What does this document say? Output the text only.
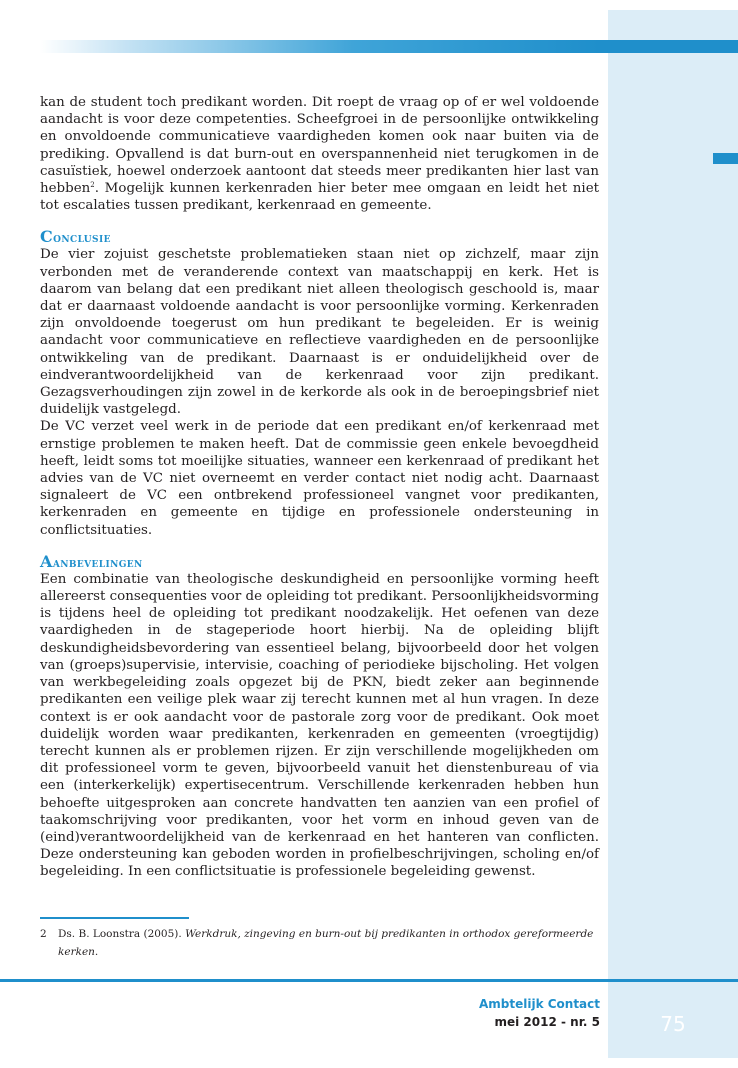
kan de student toch predikant worden. Dit roept de vraag op of er wel voldoende aandacht is voor deze competenties. Scheefgroei in de persoonlijke ontwikkeling en onvoldoende communicatieve vaardigheden komen ook naar buiten via de prediking. Opvallend is dat burn-out en overspannenheid niet terugkomen in de casuïstiek, hoewel onderzoek aantoont dat steeds meer predikanten hier last van hebben$^2$. Mogelijk kunnen kerkenraden hier beter mee omgaan en leidt het niet tot escalaties tussen predikant, kerkenraad en gemeente.

Conclusie

De vier zojuist geschetste problematieken staan niet op zichzelf, maar zijn verbonden met de veranderende context van maatschappij en kerk. Het is daarom van belang dat een predikant niet alleen theologisch geschoold is, maar dat er daarnaast voldoende aandacht is voor persoonlijke vorming. Kerkenraden zijn onvoldoende toegerust om hun predikant te begeleiden. Er is weinig aandacht voor communicatieve en reflectieve vaardigheden en de persoonlijke ontwikkeling van de predikant. Daarnaast is er onduidelijkheid over de eindverantwoordelijkheid van de kerkenraad voor zijn predikant. Gezagsverhoudingen zijn zowel in de kerkorde als ook in de beroepingsbrief niet duidelijk vastgelegd.

De VC verzet veel werk in de periode dat een predikant en/of kerkenraad met ernstige problemen te maken heeft. Dat de commissie geen enkele bevoegdheid heeft, leidt soms tot moeilijke situaties, wanneer een kerkenraad of predikant het advies van de VC niet overneemt en verder contact niet nodig acht. Daarnaast signaleert de VC een ontbrekend professioneel vangnet voor predikanten, kerkenraden en gemeente en tijdige en professionele ondersteuning in conflictsituaties.

Aanbevelingen

Een combinatie van theologische deskundigheid en persoonlijke vorming heeft allereerst consequenties voor de opleiding tot predikant. Persoonlijkheidsvorming is tijdens heel de opleiding tot predikant noodzakelijk. Het oefenen van deze vaardigheden in de stageperiode hoort hierbij. Na de opleiding blijft deskundigheidsbevordering van essentieel belang, bijvoorbeeld door het volgen van (groeps)supervisie, intervisie, coaching of periodieke bijscholing. Het volgen van werkbegeleiding zoals opgezet bij de PKN, biedt zeker aan beginnende predikanten een veilige plek waar zij terecht kunnen met al hun vragen. In deze context is er ook aandacht voor de pastorale zorg voor de predikant. Ook moet duidelijk worden waar predikanten, kerkenraden en gemeenten (vroegtijdig) terecht kunnen als er problemen rijzen. Er zijn verschillende mogelijkheden om dit professioneel vorm te geven, bijvoorbeeld vanuit het dienstenbureau of via een (interkerkelijk) expertisecentrum. Verschillende kerkenraden hebben hun behoefte uitgesproken aan concrete handvatten ten aanzien van een profiel of taakomschrijving voor predikanten, voor het vorm en inhoud geven van de (eind)verantwoordelijkheid van de kerkenraad en het hanteren van conflicten. Deze ondersteuning kan geboden worden in profielbeschrijvingen, scholing en/of begeleiding. In een conflictsituatie is professionele begeleiding gewenst.

2 Ds. B. Loonstra (2005). Werkdruk, zingeving en burn-out bij predikanten in orthodox gereformeerde kerken.
Ambtelijk Contact
mei 2012 - nr. 5	75
